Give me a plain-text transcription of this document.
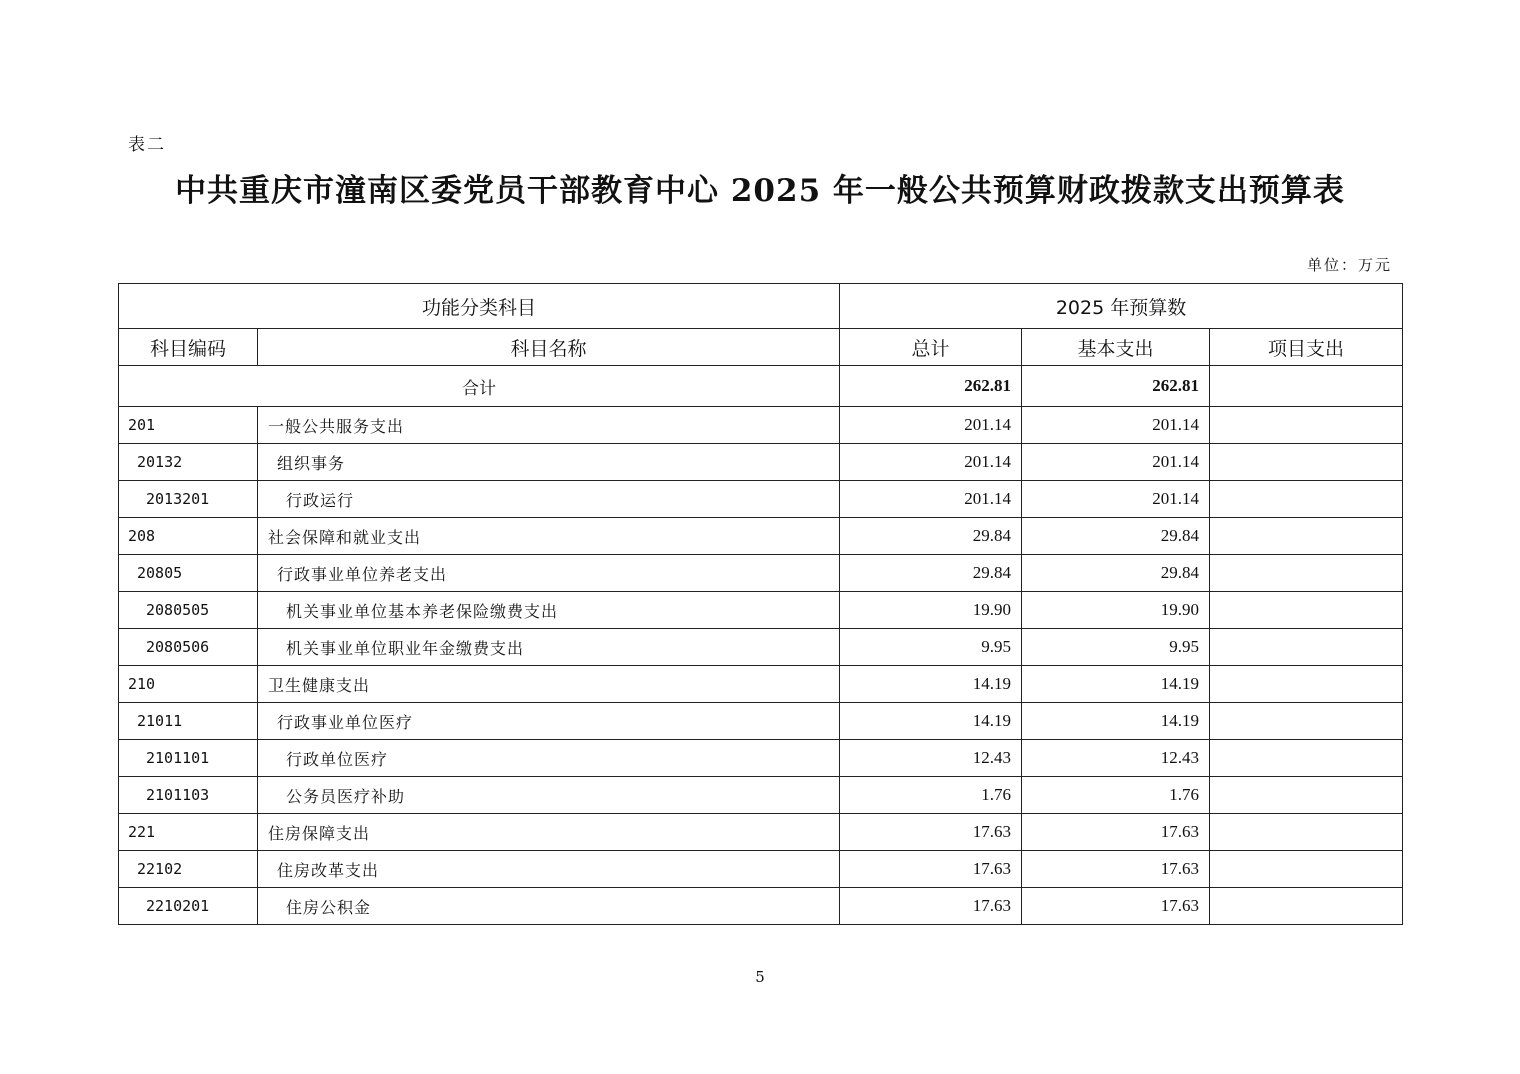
表二
中共重庆市潼南区委党员干部教育中心 2025 年一般公共预算财政拨款支出预算表
单位：万元
功能分类科目		2025 年预算数		
科目编码	科目名称	总计	基本支出	项目支出
合计		262.81	262.81	
201	一般公共服务支出	201.14	201.14	
20132	组织事务	201.14	201.14	
2013201	行政运行	201.14	201.14	
208	社会保障和就业支出	29.84	29.84	
20805	行政事业单位养老支出	29.84	29.84	
2080505	机关事业单位基本养老保险缴费支出	19.90	19.90	
2080506	机关事业单位职业年金缴费支出	9.95	9.95	
210	卫生健康支出	14.19	14.19	
21011	行政事业单位医疗	14.19	14.19	
2101101	行政单位医疗	12.43	12.43	
2101103	公务员医疗补助	1.76	1.76	
221	住房保障支出	17.63	17.63	
22102	住房改革支出	17.63	17.63	
2210201	住房公积金	17.63	17.63	
5
